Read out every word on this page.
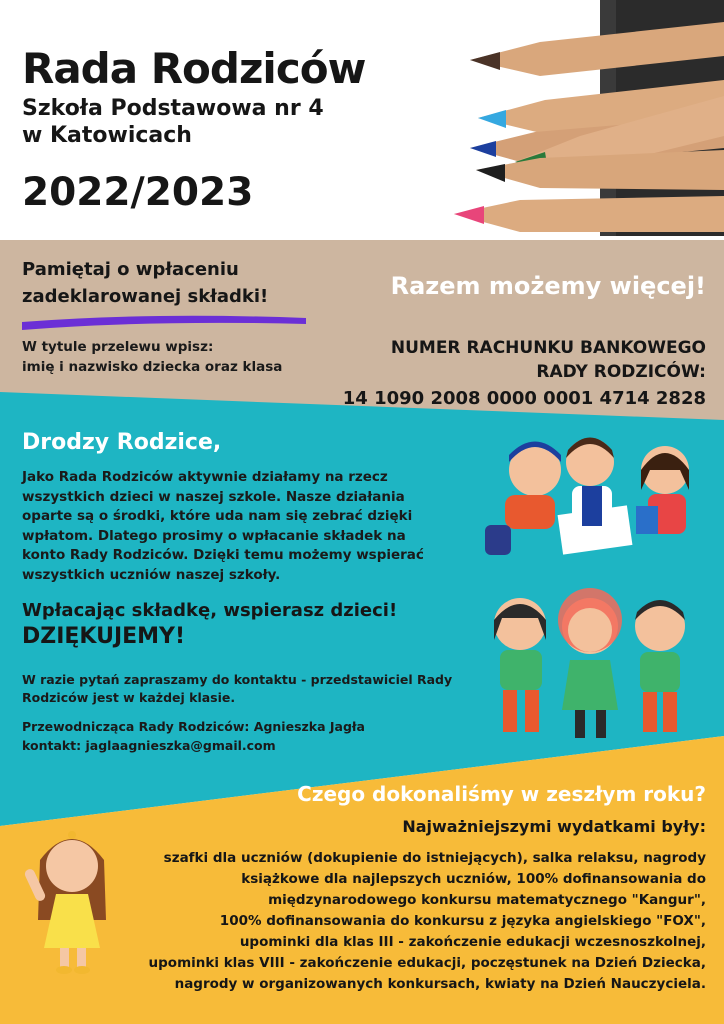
Rada Rodziców
Szkoła Podstawowa nr 4
w Katowicach
2022/2023
Pamiętaj o wpłaceniu zadeklarowanej składki!
W tytule przelewu wpisz:
imię i nazwisko dziecka oraz klasa
Razem możemy więcej!
NUMER RACHUNKU BANKOWEGO
RADY RODZICÓW:
14 1090 2008 0000 0001 4714 2828
Drodzy Rodzice,
Jako Rada Rodziców aktywnie działamy na rzecz
wszystkich dzieci w naszej szkole. Nasze działania
oparte są o środki, które uda nam się zebrać dzięki
wpłatom. Dlatego prosimy o wpłacanie składek na
konto Rady Rodziców. Dzięki temu możemy wspierać
wszystkich uczniów naszej szkoły.
Wpłacając składkę, wspierasz dzieci!
DZIĘKUJEMY!
W razie pytań zapraszamy do kontaktu - przedstawiciel Rady
Rodziców jest w każdej klasie.
Przewodnicząca Rady Rodziców: Agnieszka Jagła
kontakt: jaglaagnieszka@gmail.com
Czego dokonaliśmy w zeszłym roku?
Najważniejszymi wydatkami były:
szafki dla uczniów (dokupienie do istniejących), salka relaksu, nagrody
książkowe dla najlepszych uczniów, 100% dofinansowania do
międzynarodowego konkursu matematycznego "Kangur",
100% dofinansowania do konkursu z języka angielskiego "FOX",
upominki dla klas III - zakończenie edukacji wczesnoszkolnej,
upominki klas VIII - zakończenie edukacji, poczęstunek na Dzień Dziecka,
nagrody w organizowanych konkursach, kwiaty na Dzień Nauczyciela.
